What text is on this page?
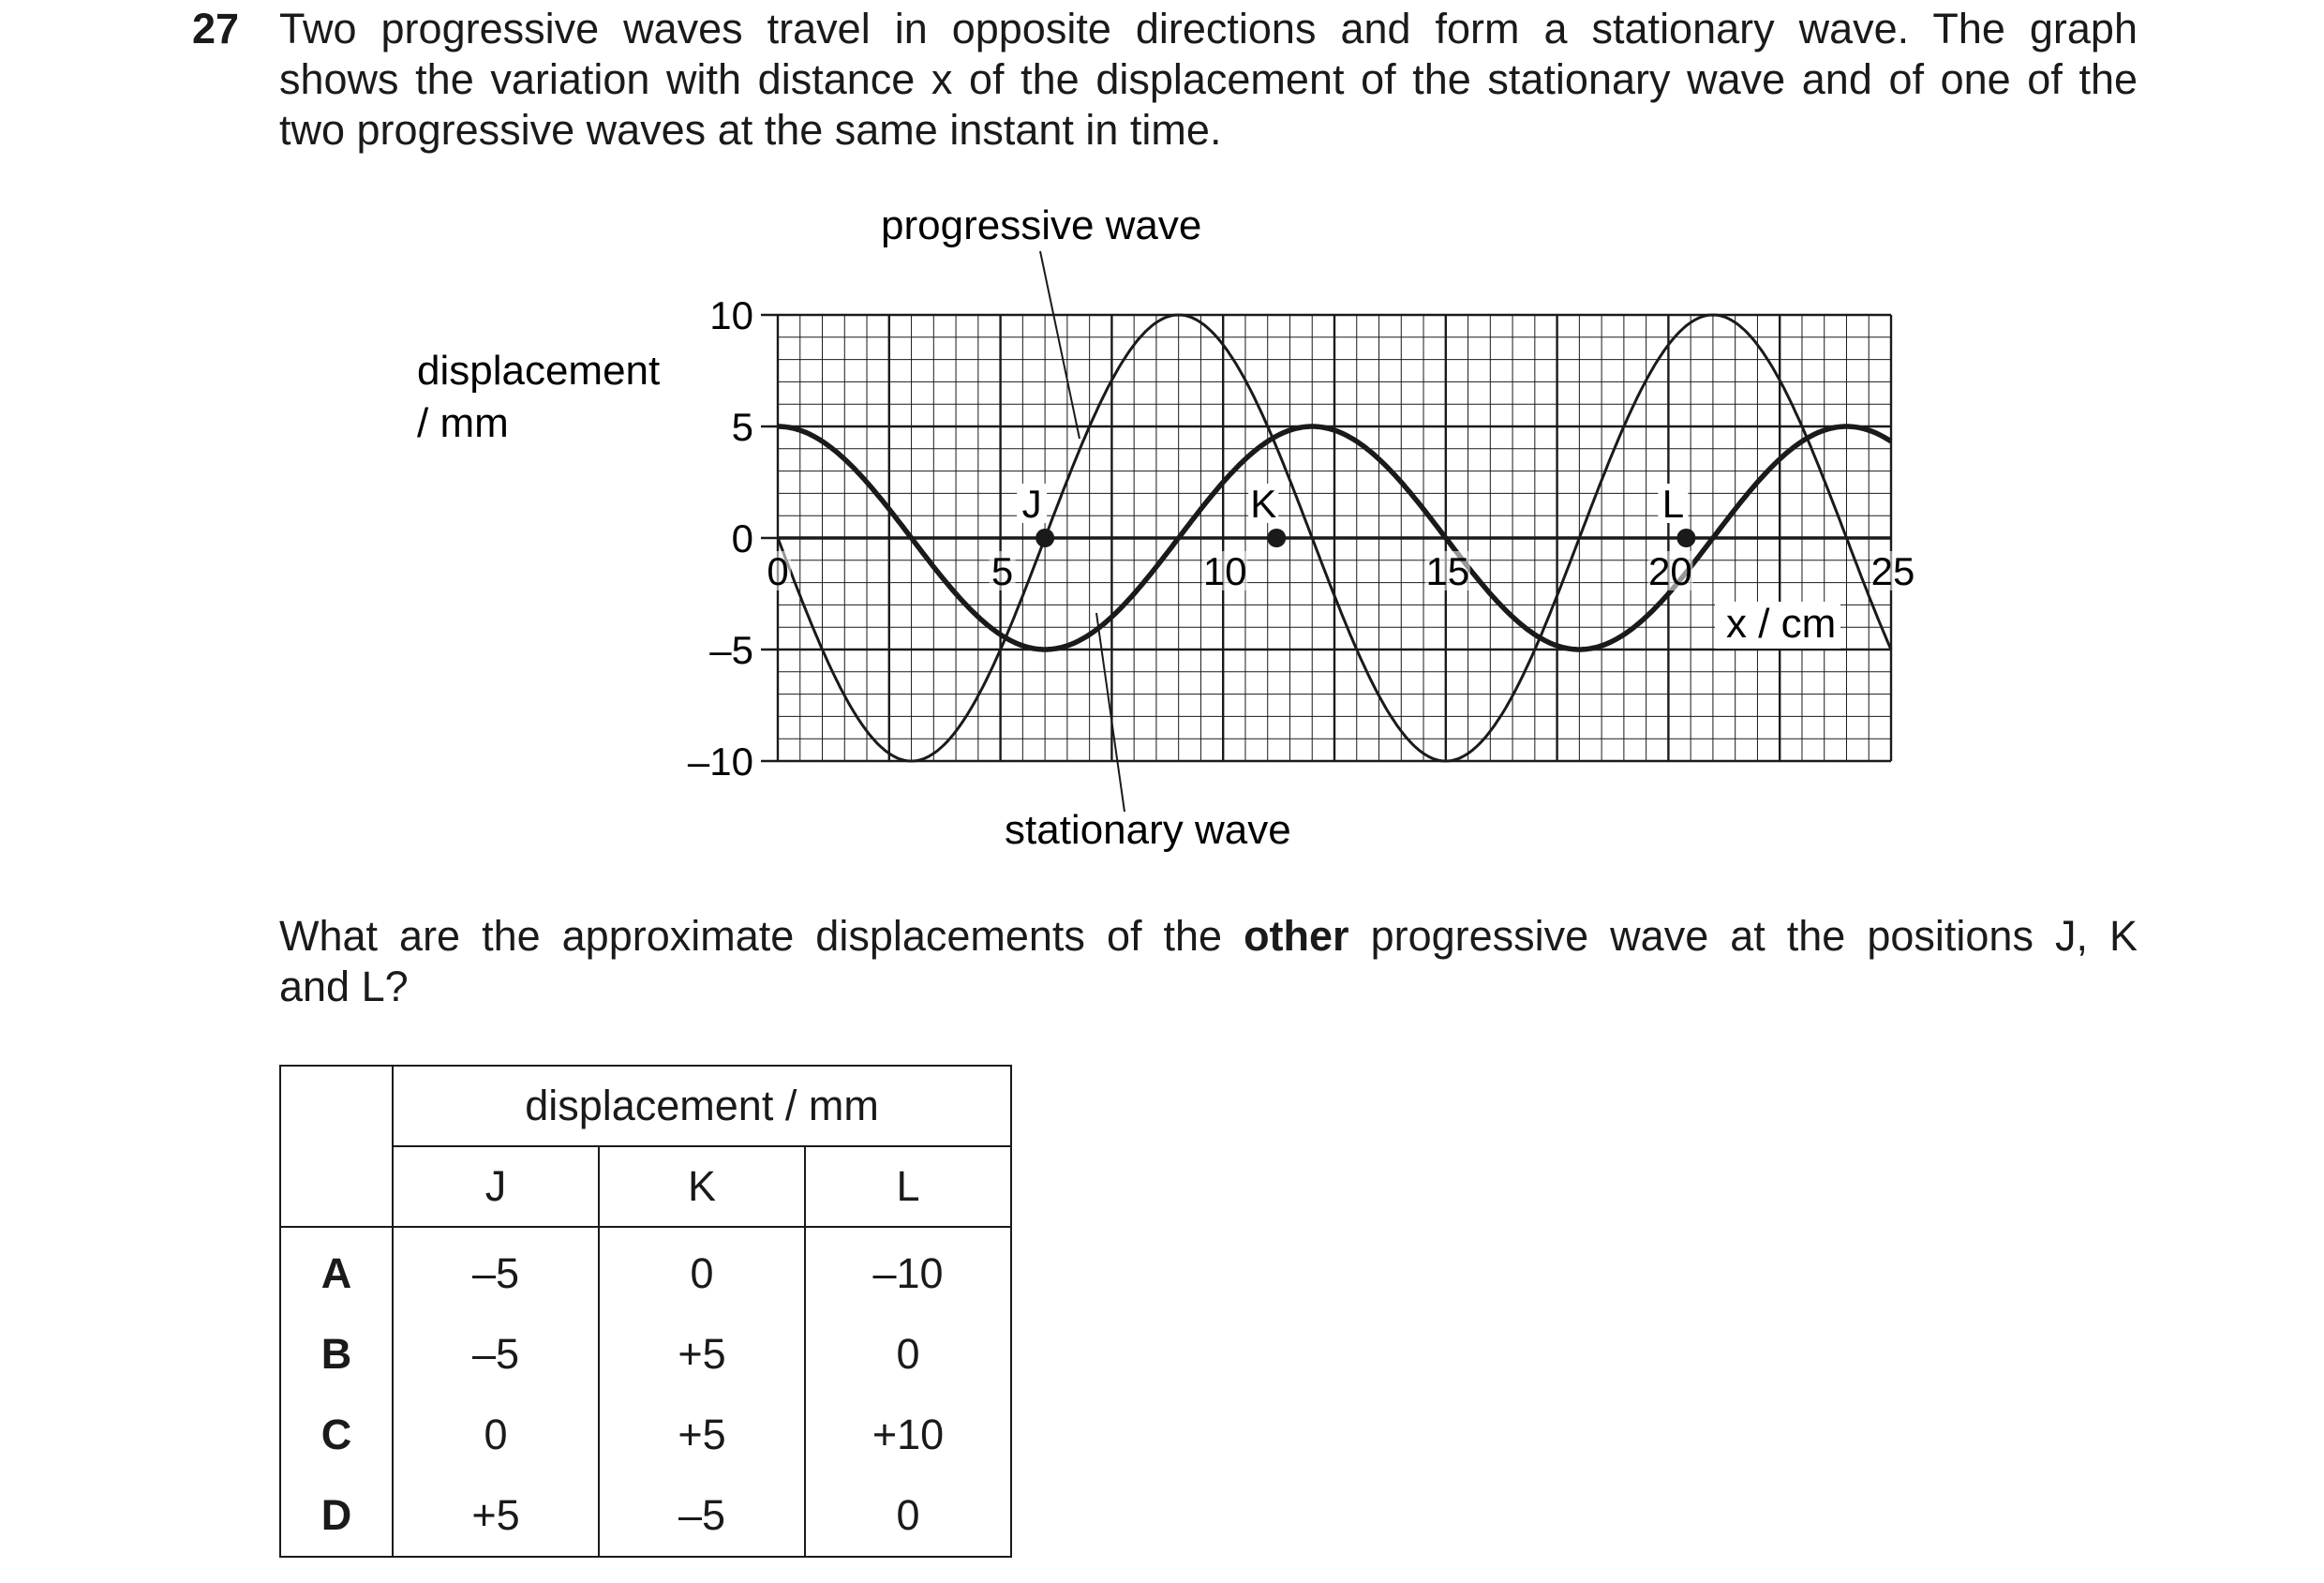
27 Two progressive waves travel in opposite directions and form a stationary wave. The graph
shows the variation with distance x of the displacement of the stationary wave and of one of the
two progressive waves at the same instant in time.
10
5
0
–5
–10
0	5	10	15	20	25
J	K	L
displacement
/ mm
x / cm
progressive wave
stationary wave
What are the approximate displacements of the other progressive wave at the positions J, K
and L?
	displacement / mm		
	J	K	L
A	–5	0	–10
B	–5	+5	0
C	0	+5	+10
D	+5	–5	0
